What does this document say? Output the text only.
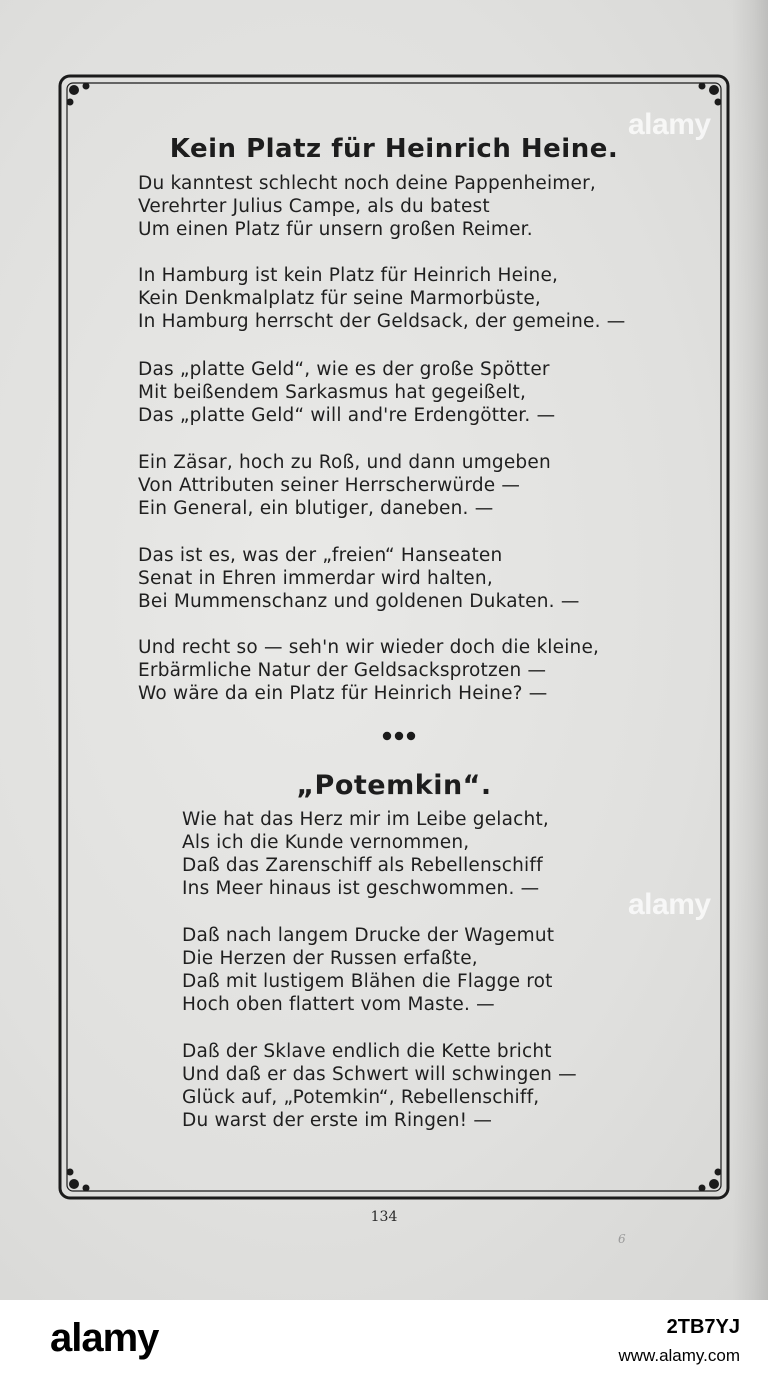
alamy
alamy
Kein Platz für Heinrich Heine.
Du kanntest schlecht noch deine Pappenheimer,
Verehrter Julius Campe, als du batest
Um einen Platz für unsern großen Reimer.
In Hamburg ist kein Platz für Heinrich Heine,
Kein Denkmalplatz für seine Marmorbüste,
In Hamburg herrscht der Geldsack, der gemeine. —
Das „platte Geld“, wie es der große Spötter
Mit beißendem Sarkasmus hat gegeißelt,
Das „platte Geld“ will and're Erdengötter. —
Ein Zäsar, hoch zu Roß, und dann umgeben
Von Attributen seiner Herrscherwürde —
Ein General, ein blutiger, daneben. —
Das ist es, was der „freien“ Hanseaten
Senat in Ehren immerdar wird halten,
Bei Mummenschanz und goldenen Dukaten. —
Und recht so — seh'n wir wieder doch die kleine,
Erbärmliche Natur der Geldsacksprotzen —
Wo wäre da ein Platz für Heinrich Heine? —
„Potemkin“.
Wie hat das Herz mir im Leibe gelacht,
Als ich die Kunde vernommen,
Daß das Zarenschiff als Rebellenschiff
Ins Meer hinaus ist geschwommen. —
Daß nach langem Drucke der Wagemut
Die Herzen der Russen erfaßte,
Daß mit lustigem Blähen die Flagge rot
Hoch oben flattert vom Maste. —
Daß der Sklave endlich die Kette bricht
Und daß er das Schwert will schwingen —
Glück auf, „Potemkin“, Rebellenschiff,
Du warst der erste im Ringen! —
134
6
alamy	2TB7YJ
www.alamy.com
